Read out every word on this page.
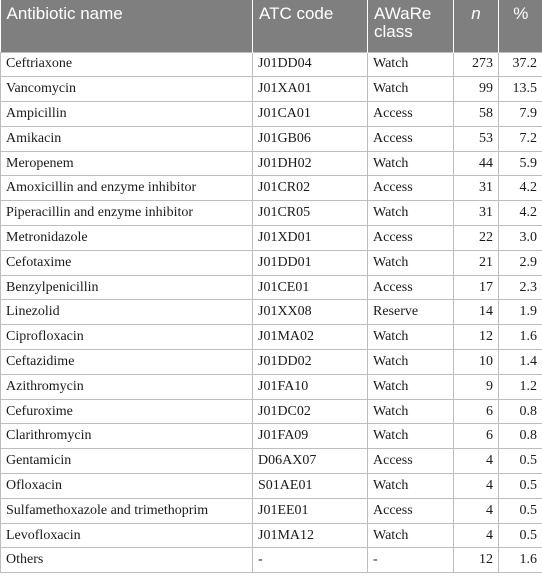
Antibiotic name	ATC code	AWaRe class	n	%
Ceftriaxone	J01DD04	Watch	273	37.2
Vancomycin	J01XA01	Watch	99	13.5
Ampicillin	J01CA01	Access	58	7.9
Amikacin	J01GB06	Access	53	7.2
Meropenem	J01DH02	Watch	44	5.9
Amoxicillin and enzyme inhibitor	J01CR02	Access	31	4.2
Piperacillin and enzyme inhibitor	J01CR05	Watch	31	4.2
Metronidazole	J01XD01	Access	22	3.0
Cefotaxime	J01DD01	Watch	21	2.9
Benzylpenicillin	J01CE01	Access	17	2.3
Linezolid	J01XX08	Reserve	14	1.9
Ciprofloxacin	J01MA02	Watch	12	1.6
Ceftazidime	J01DD02	Watch	10	1.4
Azithromycin	J01FA10	Watch	9	1.2
Cefuroxime	J01DC02	Watch	6	0.8
Clarithromycin	J01FA09	Watch	6	0.8
Gentamicin	D06AX07	Access	4	0.5
Ofloxacin	S01AE01	Watch	4	0.5
Sulfamethoxazole and trimethoprim	J01EE01	Access	4	0.5
Levofloxacin	J01MA12	Watch	4	0.5
Others	-	-	12	1.6
